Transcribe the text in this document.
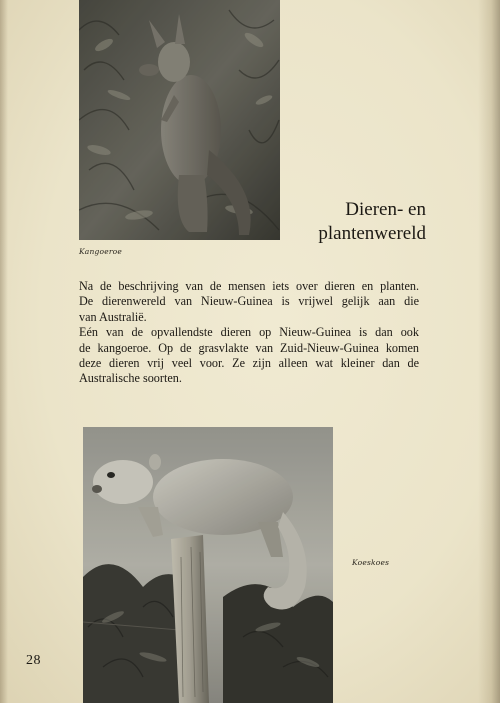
Kangoeroe
Dieren- en
plantenwereld
Na de beschrijving van de mensen iets over dieren en planten.
De dierenwereld van Nieuw-Guinea is vrijwel gelijk aan die
van Australië.
Eén van de opvallendste dieren op Nieuw-Guinea is dan ook
de kangoeroe. Op de grasvlakte van Zuid-Nieuw-Guinea komen
deze dieren vrij veel voor. Ze zijn alleen wat kleiner dan de
Australische soorten.
Koeskoes
28
